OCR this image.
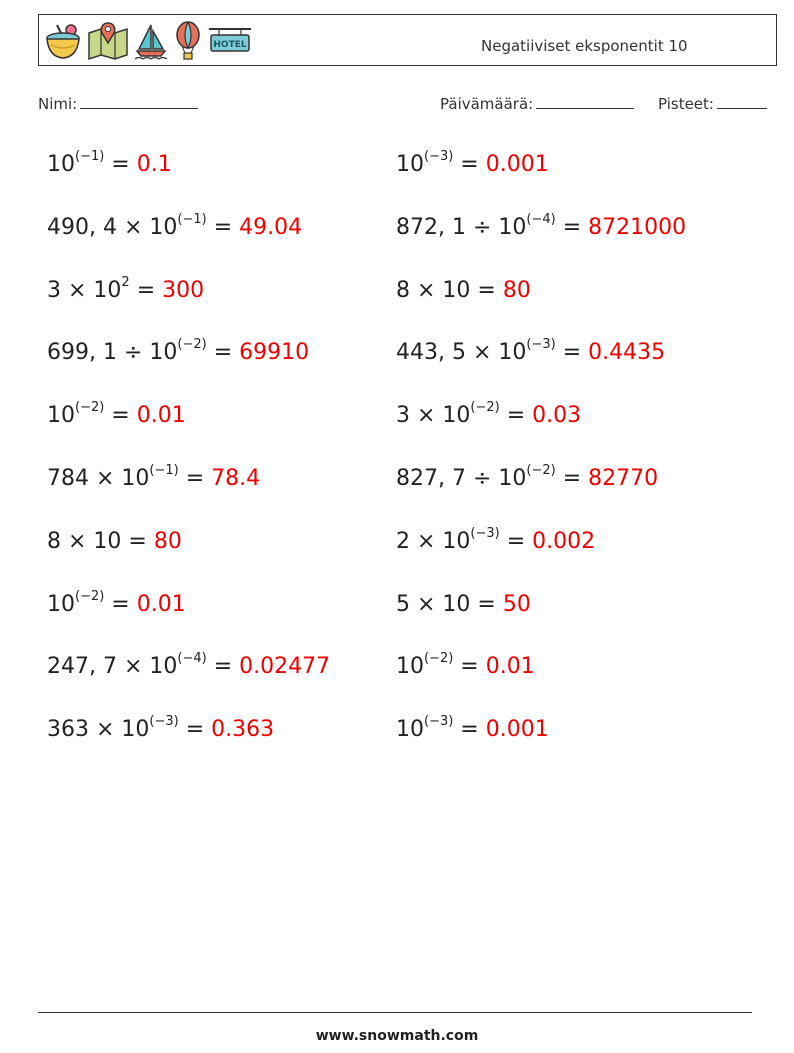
HOTEL	Negatiiviset eksponentit 10
Nimi:	Päivämäärä:	Pisteet:
$10^{(-1)} = 0.1$	$10^{(-3)} = 0.001$
490, $4 \times 10^{(-1)} = 49.04$	872, $1 \div 10^{(-4)} = 8721000$
$3 \times 10^2 = 300$	8 × 10 = 80
699, $1 \div 10^{(-2)} = 69910$	443, $5 \times 10^{(-3)} = 0.4435$
$10^{(-2)} = 0.01$	$3 \times 10^{(-2)} = 0.03$
$784 \times 10^{(-1)} = 78.4$	827, $7 \div 10^{(-2)} = 82770$
8 × 10 = 80	$2 \times 10^{(-3)} = 0.002$
$10^{(-2)} = 0.01$	5 × 10 = 50
247, $7 \times 10^{(-4)} = 0.02477$	$10^{(-2)} = 0.01$
$363 \times 10^{(-3)} = 0.363$	$10^{(-3)} = 0.001$
www.snowmath.com
